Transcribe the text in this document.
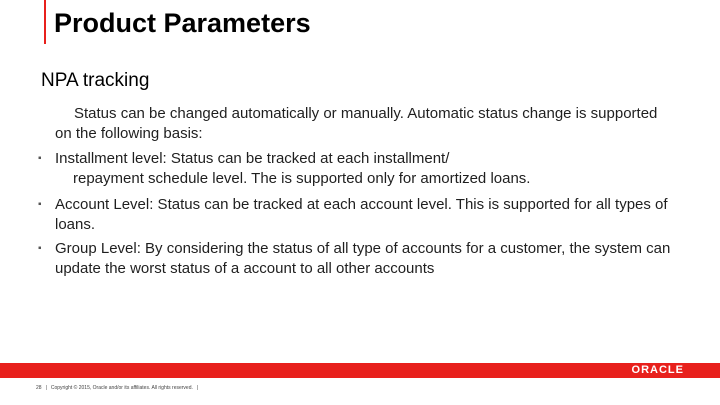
Product Parameters
NPA tracking
Status can be changed automatically or manually. Automatic status change is supported on the following basis:
▪ Installment level: Status can be tracked at each installment/
repayment schedule level. The is supported only for amortized loans.
▪ Account Level: Status can be tracked at each account level. This is supported for all types of loans.
▪ Group Level: By considering the status of all type of accounts for a customer, the system can update the worst status of a account to all other accounts
ORACLE
28 | Copyright © 2015, Oracle and/or its affiliates. All rights reserved. |
